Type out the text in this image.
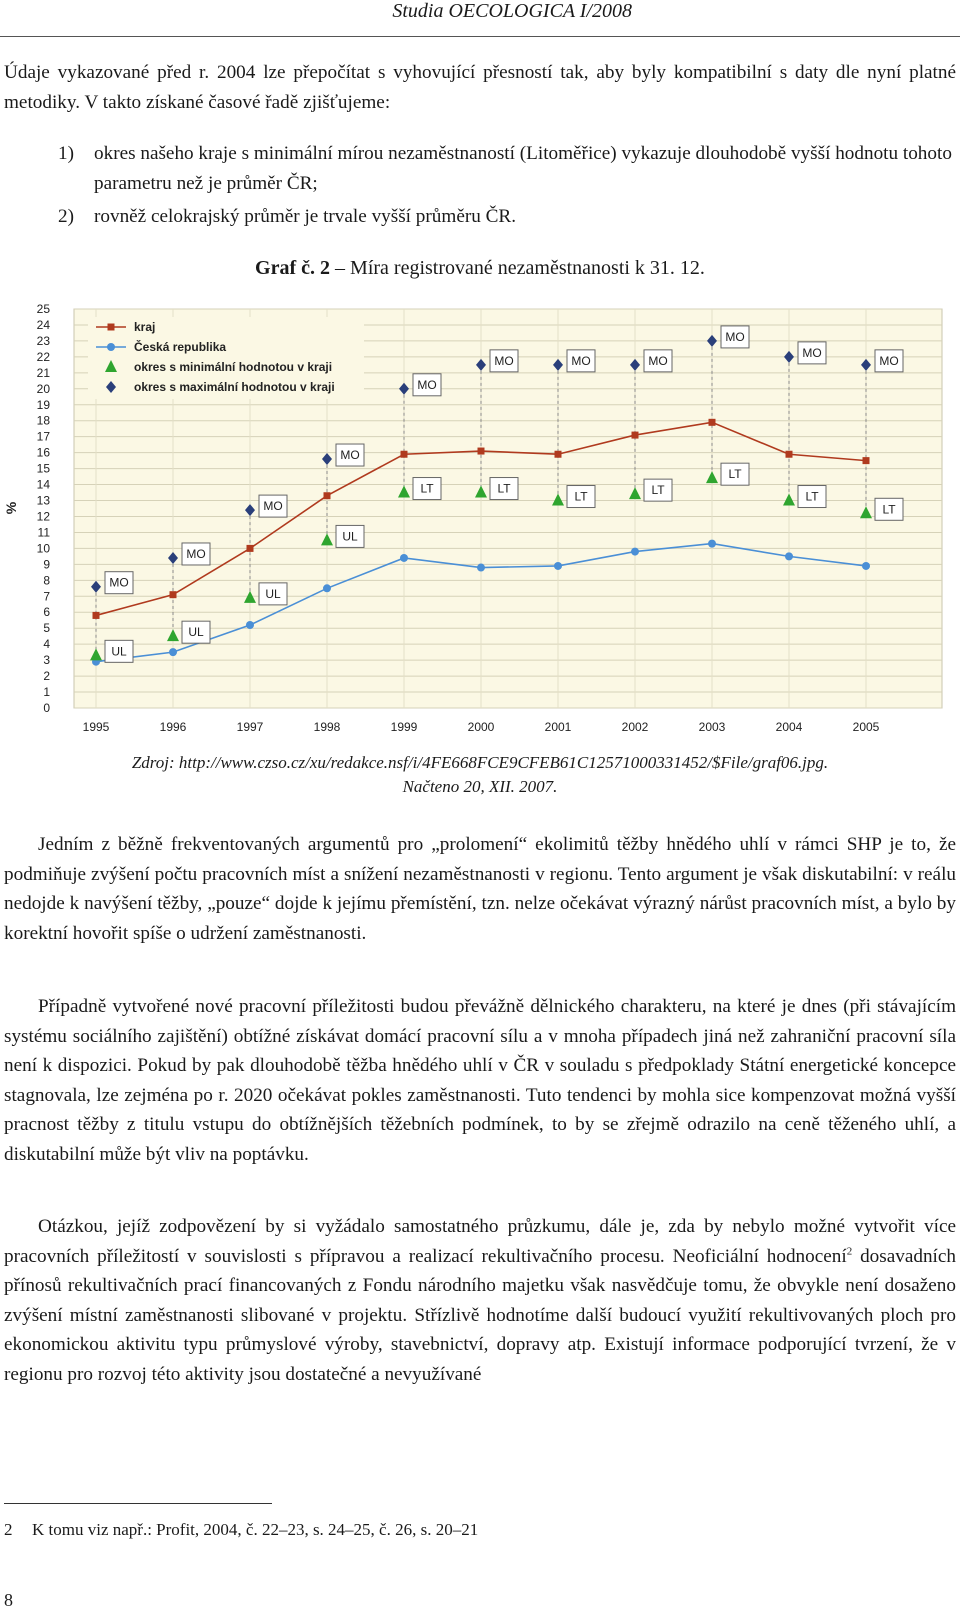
Studia OECOLOGICA I/2008

Údaje vykazované před r. 2004 lze přepočítat s vyhovující přesností tak, aby byly kompatibilní s daty dle nyní platné metodiky. V takto získané časové řadě zjišťujeme:

1) okres našeho kraje s minimální mírou nezaměstnaností (Litoměřice) vykazuje dlouhodobě vyšší hodnotu tohoto parametru než je průměr ČR;
2) rovněž celokrajský průměr je trvale vyšší průměru ČR.
Graf č. 2 – Míra registrované nezaměstnanosti k 31. 12.
0
1
2
3
4
5
6
7
8
9
10
11
12
13
14
15
16
17
18
19
20
21
22
23
24
25
%
1995	1996	1997	1998	1999	2000	2001	2002	2003	2004	2005
UL
UL
UL
UL
LT	LT
LT	LT
LT
LT
LT
MO
MO
MO
MO
MO
MO	MO	MO
MO
MO
MO
kraj
Česká republika
okres s minimální hodnotou v kraji
okres s maximální hodnotou v kraji
Zdroj: http://www.czso.cz/xu/redakce.nsf/i/4FE668FCE9CFEB61C12571000331452/$File/graf06.jpg.
Načteno 20, XII. 2007.

Jedním z běžně frekventovaných argumentů pro „prolomení“ ekolimitů těžby hnědého uhlí v rámci SHP je to, že podmiňuje zvýšení počtu pracovních míst a snížení nezaměstnanosti v regionu. Tento argument je však diskutabilní: v reálu nedojde k navýšení těžby, „pouze“ dojde k jejímu přemístění, tzn. nelze očekávat výrazný nárůst pracovních míst, a bylo by korektní hovořit spíše o udržení zaměstnanosti.

Případně vytvořené nové pracovní příležitosti budou převážně dělnického charakteru, na které je dnes (při stávajícím systému sociálního zajištění) obtížné získávat domácí pracovní sílu a v mnoha případech jiná než zahraniční pracovní síla není k dispozici. Pokud by pak dlouhodobě těžba hnědého uhlí v ČR v souladu s předpoklady Státní energetické koncepce stagnovala, lze zejména po r. 2020 očekávat pokles zaměstnanosti. Tuto tendenci by mohla sice kompenzovat možná vyšší pracnost těžby z titulu vstupu do obtížnějších těžebních podmínek, to by se zřejmě odrazilo na ceně těženého uhlí, a diskutabilní může být vliv na poptávku.

Otázkou, jejíž zodpovězení by si vyžádalo samostatného průzkumu, dále je, zda by nebylo možné vytvořit více pracovních příležitostí v souvislosti s přípravou a realizací rekultivačního procesu. Neoficiální hodnocení$^2$ dosavadních přínosů rekultivačních prací financovaných z Fondu národního majetku však nasvědčuje tomu, že obvykle není dosaženo zvýšení místní zaměstnanosti slibované v projektu. Střízlivě hodnotíme další budoucí využití rekultivovaných ploch pro ekonomickou aktivitu typu průmyslové výroby, stavebnictví, dopravy atp. Existují informace podporující tvrzení, že v regionu pro rozvoj této aktivity jsou dostatečné a nevyužívané

2 K tomu viz např.: Profit, 2004, č. 22–23, s. 24–25, č. 26, s. 20–21
8
